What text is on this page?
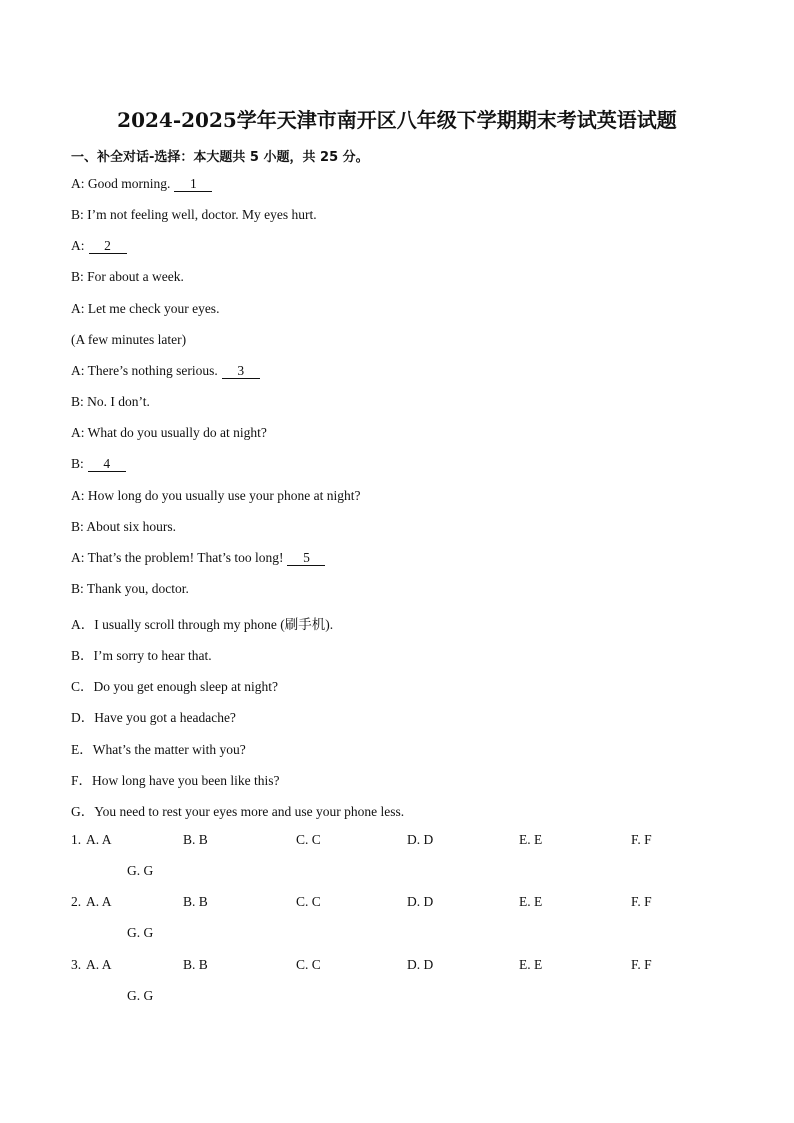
2024-2025学年天津市南开区八年级下学期期末考试英语试题
一、补全对话-选择：本大题共 5 小题，共 25 分。
A: Good morning. 1
B: I’m not feeling well, doctor. My eyes hurt.
A: 2
B: For about a week.
A: Let me check your eyes.
(A few minutes later)
A: There’s nothing serious. 3
B: No. I don’t.
A: What do you usually do at night?
B: 4
A: How long do you usually use your phone at night?
B: About six hours.
A: That’s the problem! That’s too long! 5
B: Thank you, doctor.
A．I usually scroll through my phone (刷手机).
B．I’m sorry to hear that.
C．Do you get enough sleep at night?
D．Have you got a headache?
E．What’s the matter with you?
F．How long have you been like this?
G．You need to rest your eyes more and use your phone less.
1. A. A	B. B	C. C	D. D	E. E	F. F
G. G
2. A. A	B. B	C. C	D. D	E. E	F. F
G. G
3. A. A	B. B	C. C	D. D	E. E	F. F
G. G
